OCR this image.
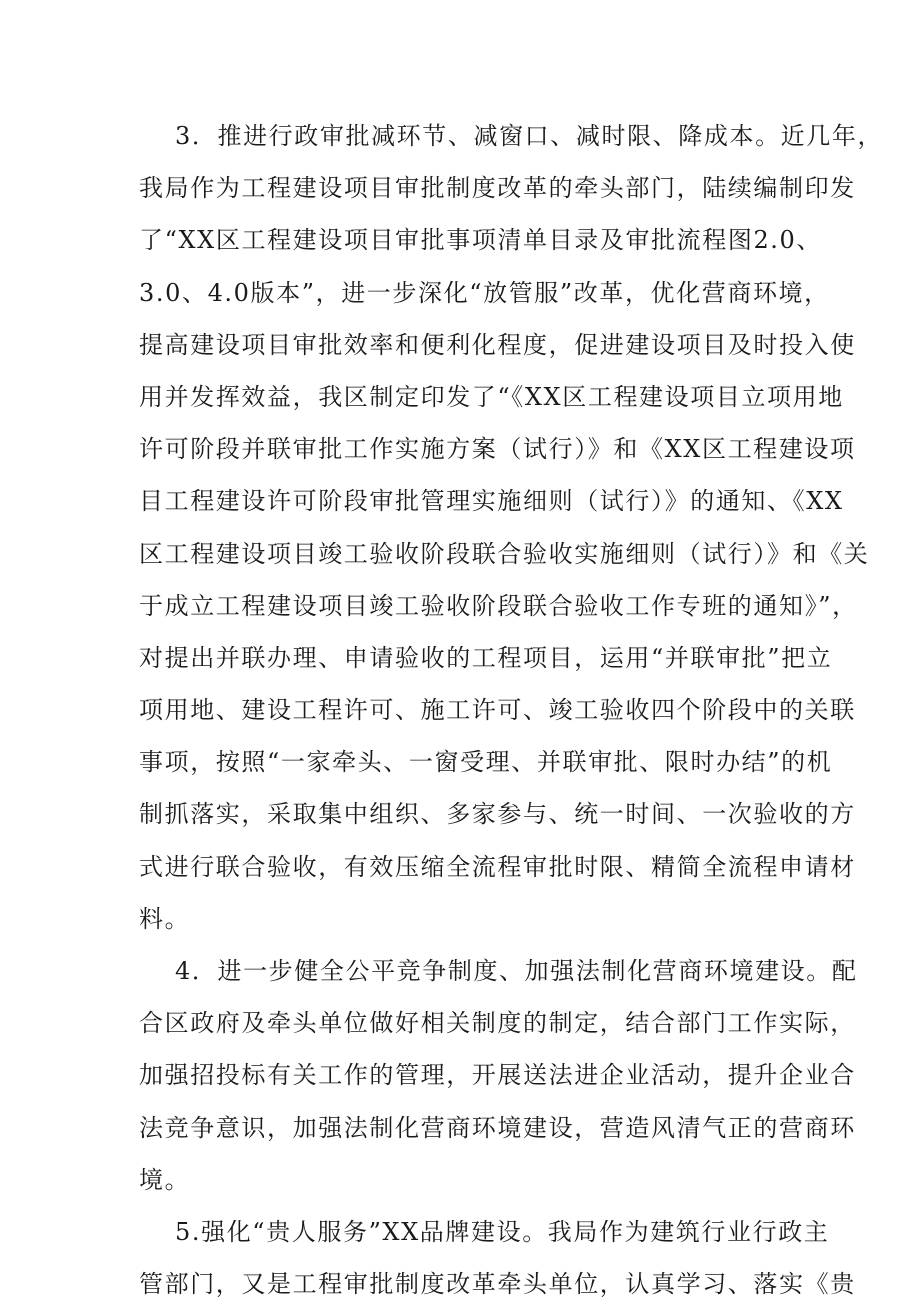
3．推进行政审批减环节、减窗口、减时限、降成本。近几年，
我局作为工程建设项目审批制度改革的牵头部门，陆续编制印发
了“XX区工程建设项目审批事项清单目录及审批流程图2.0、
3.0、4.0版本”，进一步深化“放管服”改革，优化营商环境，
提高建设项目审批效率和便利化程度，促进建设项目及时投入使
用并发挥效益，我区制定印发了“《XX区工程建设项目立项用地
许可阶段并联审批工作实施方案（试行）》和《XX区工程建设项
目工程建设许可阶段审批管理实施细则（试行）》的通知、《XX
区工程建设项目竣工验收阶段联合验收实施细则（试行）》和《关
于成立工程建设项目竣工验收阶段联合验收工作专班的通知》”，
对提出并联办理、申请验收的工程项目，运用“并联审批”把立
项用地、建设工程许可、施工许可、竣工验收四个阶段中的关联
事项，按照“一家牵头、一窗受理、并联审批、限时办结”的机
制抓落实，采取集中组织、多家参与、统一时间、一次验收的方
式进行联合验收，有效压缩全流程审批时限、精简全流程申请材
料。
4．进一步健全公平竞争制度、加强法制化营商环境建设。配
合区政府及牵头单位做好相关制度的制定，结合部门工作实际，
加强招投标有关工作的管理，开展送法进企业活动，提升企业合
法竞争意识，加强法制化营商环境建设，营造风清气正的营商环
境。
5.强化“贵人服务”XX品牌建设。我局作为建筑行业行政主
管部门，又是工程审批制度改革牵头单位，认真学习、落实《贵
